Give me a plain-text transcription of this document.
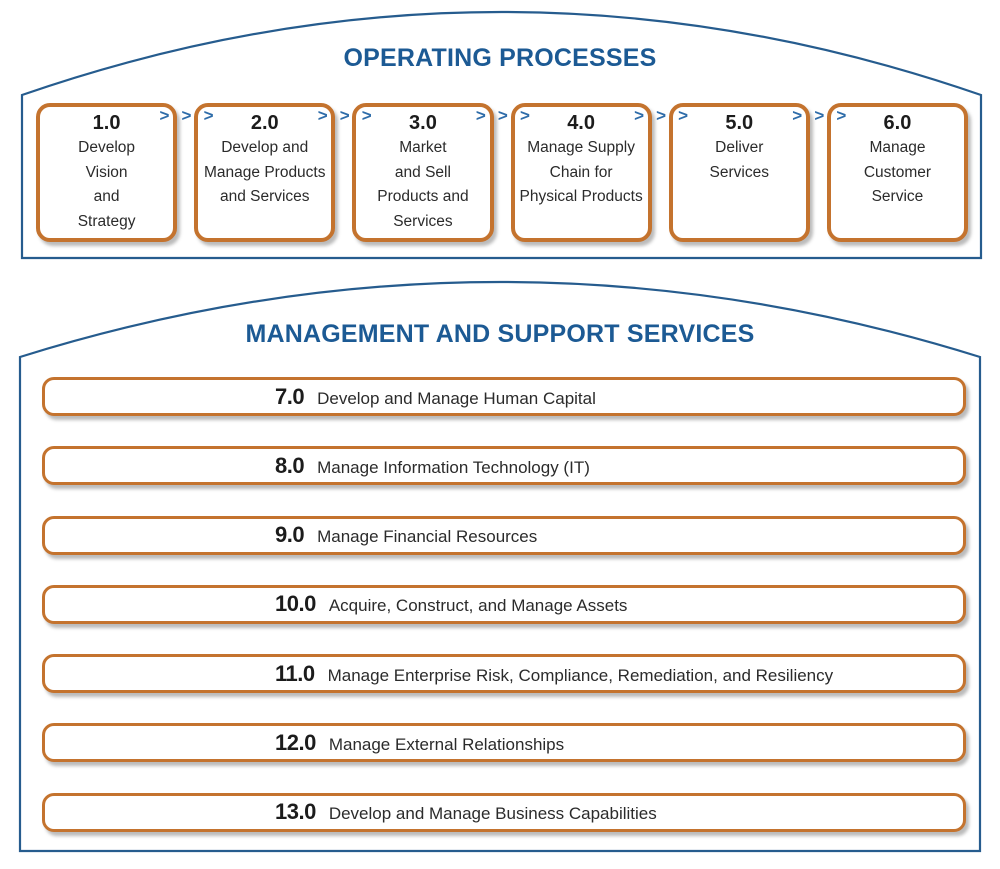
OPERATING PROCESSES
1.0
Develop
Vision
and
Strategy
2.0
Develop and
Manage Products
and Services
3.0
Market
and Sell
Products and
Services
4.0
Manage Supply
Chain for
Physical Products
5.0
Deliver
Services
6.0
Manage
Customer
Service
> > >	> > >	> > >	> > >	> > >
MANAGEMENT AND SUPPORT SERVICES
7.0 Develop and Manage Human Capital
8.0 Manage Information Technology (IT)
9.0 Manage Financial Resources
10.0 Acquire, Construct, and Manage Assets
11.0 Manage Enterprise Risk, Compliance, Remediation, and Resiliency
12.0 Manage External Relationships
13.0 Develop and Manage Business Capabilities
